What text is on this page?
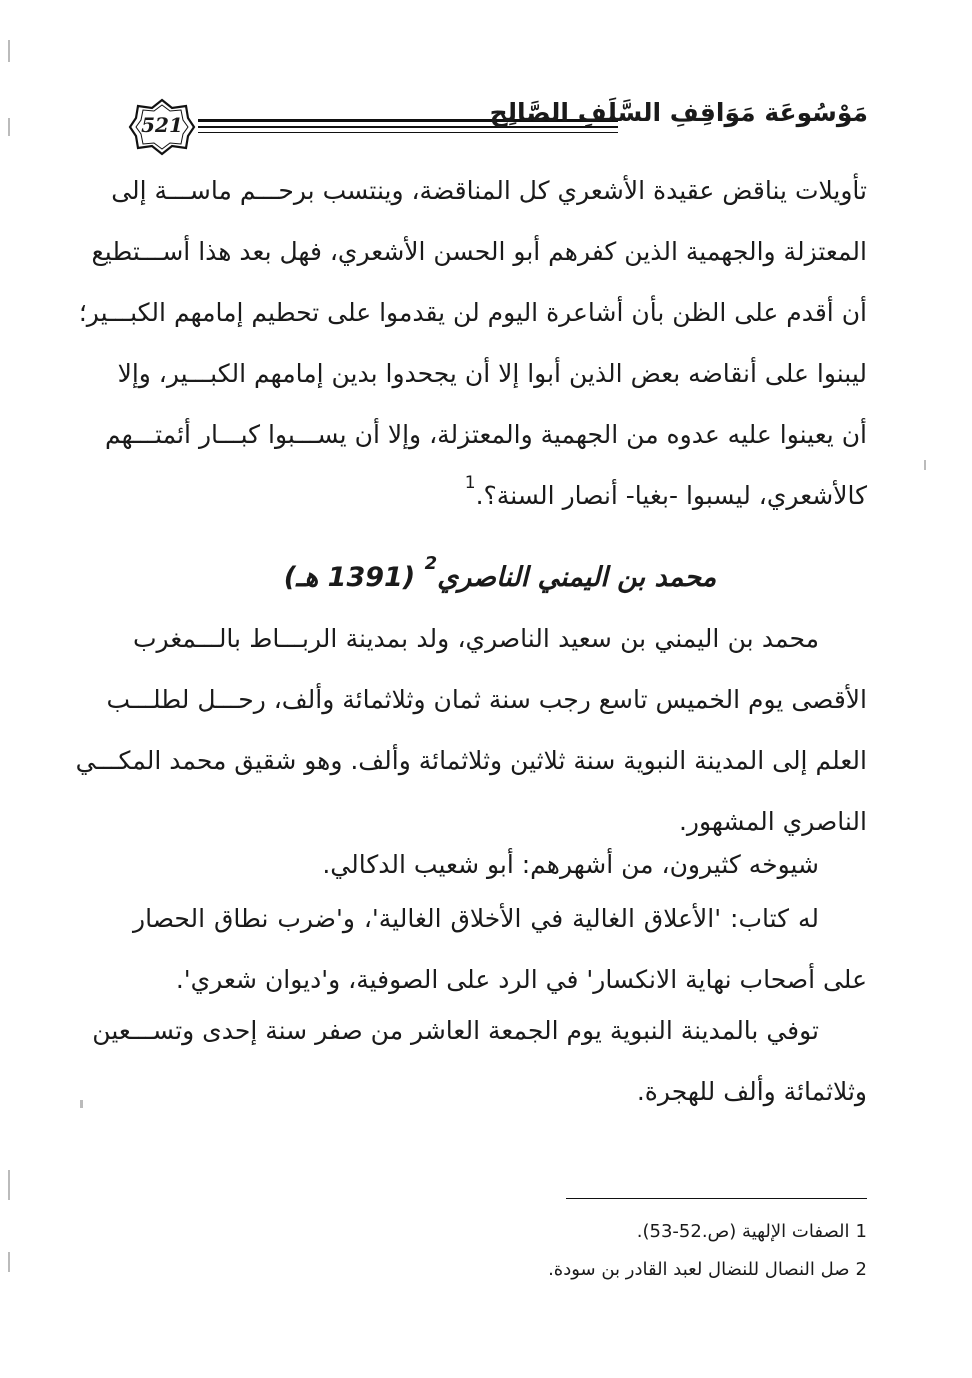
521	مَوْسُوعَة مَوَاقِفِ السَّلَفِ الصَّالِح
تأويلات يناقض عقيدة الأشعري كل المناقضة، وينتسب برحـــم ماســـة إلى
المعتزلة والجهمية الذين كفرهم أبو الحسن الأشعري، فهل بعد هذا أســـتطيع
أن أقدم على الظن بأن أشاعرة اليوم لن يقدموا على تحطيم إمامهم الكبـــير؛
ليبنوا على أنقاضه بعض الذين أبوا إلا أن يجحدوا بدين إمامهم الكبـــير، وإلا
أن يعينوا عليه عدوه من الجهمية والمعتزلة، وإلا أن يســـبوا كبـــار أئمتـــهم
كالأشعري، ليسبوا -بغيا- أنصار السنة؟.$^1$
محمد بن اليمني الناصري$^2$ (1391 هـ)
محمد بن اليمني بن سعيد الناصري، ولد بمدينة الربـــاط بالـــمغرب
الأقصى يوم الخميس تاسع رجب سنة ثمان وثلاثمائة وألف، رحـــل لطلـــب
العلم إلى المدينة النبوية سنة ثلاثين وثلاثمائة وألف. وهو شقيق محمد المكـــي
الناصري المشهور.
شيوخه كثيرون، من أشهرهم: أبو شعيب الدكالي.
له كتاب: 'الأعلاق الغالية في الأخلاق الغالية'، و'ضرب نطاق الحصار
على أصحاب نهاية الانكسار' في الرد على الصوفية، و'ديوان شعري'.
توفي بالمدينة النبوية يوم الجمعة العاشر من صفر سنة إحدى وتســـعين
وثلاثمائة وألف للهجرة.
1الصفات الإلهية (ص.52-53).
2صل النصال للنضال لعبد القادر بن سودة.
